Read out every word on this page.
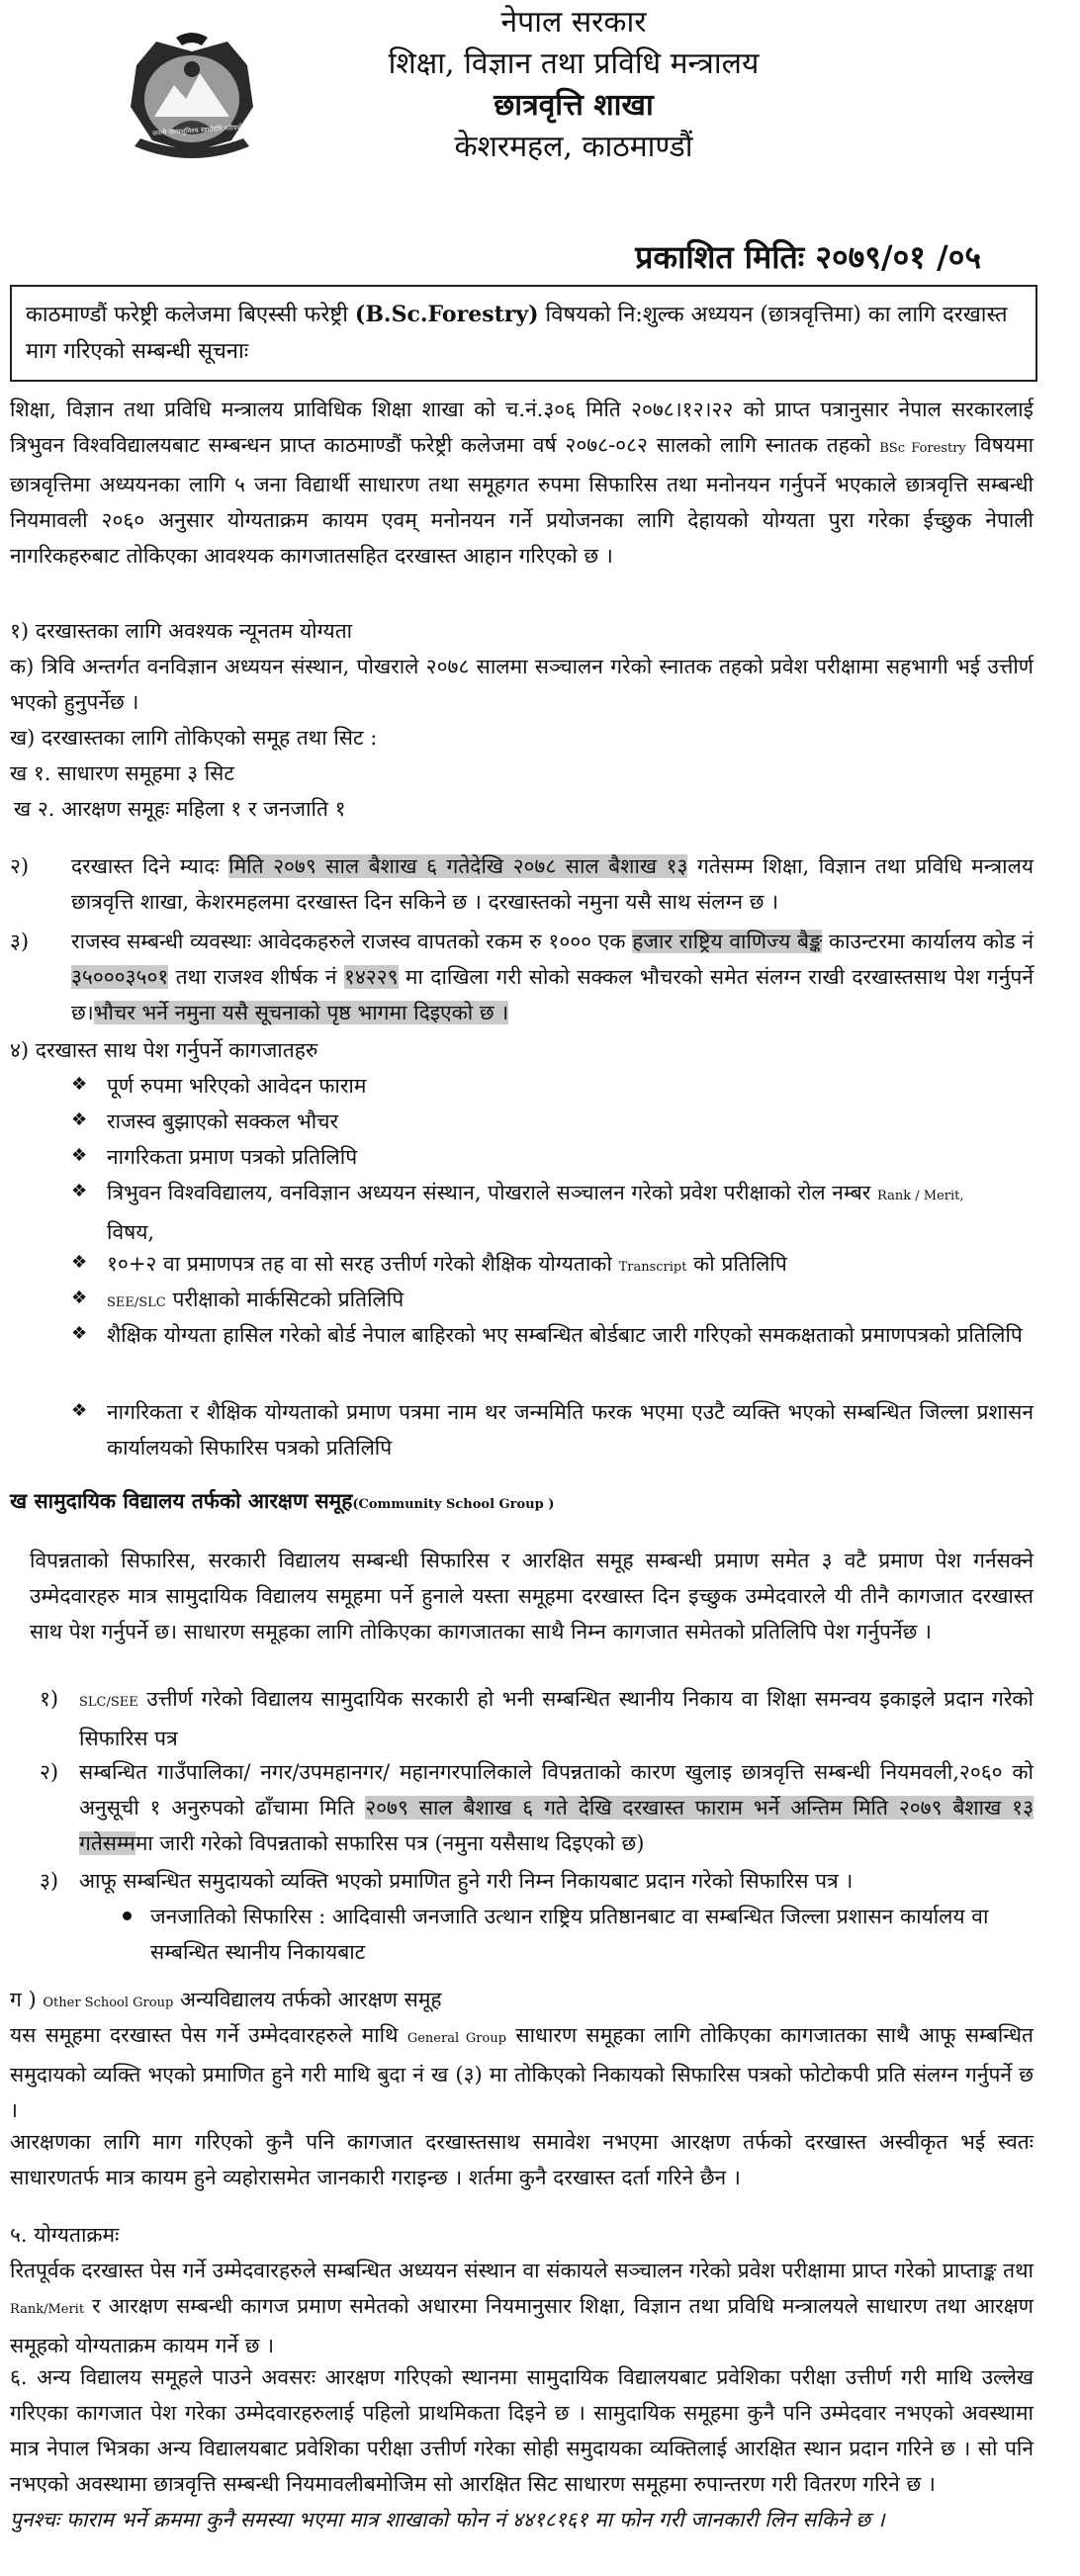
जननी जन्मभूमिश्च स्वर्गादपि गरीयसी
नेपाल सरकार
शिक्षा, विज्ञान तथा प्रविधि मन्त्रालय
छात्रवृत्ति शाखा
केशरमहल, काठमाण्डौं
प्रकाशित मितिः २०७९/०१ /०५

काठमाण्डौं फरेष्ट्री कलेजमा बिएस्सी फरेष्ट्री (B.Sc.Forestry) विषयको नि:शुल्क अध्ययन (छात्रवृत्तिमा) का लागि दरखास्त माग गरिएको सम्बन्धी सूचनाः

शिक्षा, विज्ञान तथा प्रविधि मन्त्रालय प्राविधिक शिक्षा शाखा को च.नं.३०६ मिति २०७८।१२।२२ को प्राप्त पत्रानुसार नेपाल सरकारलाई त्रिभुवन विश्वविद्यालयबाट सम्बन्धन प्राप्त काठमाण्डौं फरेष्ट्री कलेजमा वर्ष २०७८-०८२ सालको लागि स्नातक तहको BSc Forestry विषयमा छात्रवृत्तिमा अध्ययनका लागि ५ जना विद्यार्थी साधारण तथा समूहगत रुपमा सिफारिस तथा मनोनयन गर्नुपर्ने भएकाले छात्रवृत्ति सम्बन्धी नियमावली २०६० अनुसार योग्यताक्रम कायम एवम् मनोनयन गर्ने प्रयोजनका लागि देहायको योग्यता पुरा गरेका ईच्छुक नेपाली नागरिकहरुबाट तोकिएका आवश्यक कागजातसहित दरखास्त आहान गरिएको छ ।
१) दरखास्तका लागि अवश्यक न्यूनतम योग्यता
क) त्रिवि अन्तर्गत वनविज्ञान अध्ययन संस्थान, पोखराले २०७८ सालमा सञ्चालन गरेको स्नातक तहको प्रवेश परीक्षामा सहभागी भई उत्तीर्ण भएको हुनुपर्नेछ ।
ख) दरखास्तका लागि तोकिएको समूह तथा सिट :
ख १. साधारण समूहमा ३ सिट
ख २. आरक्षण समूहः महिला १ र जनजाति १
२) दरखास्त दिने म्यादः मिति २०७९ साल बैशाख ६ गतेदेखि २०७८ साल बैशाख १३ गतेसम्म शिक्षा, विज्ञान तथा प्रविधि मन्त्रालय छात्रवृत्ति शाखा, केशरमहलमा दरखास्त दिन सकिने छ । दरखास्तको नमुना यसै साथ संलग्न छ ।
३) राजस्व सम्बन्धी व्यवस्थाः आवेदकहरुले राजस्व वापतको रकम रु १००० एक हजार राष्ट्रिय वाणिज्य बैङ्क काउन्टरमा कार्यालय कोड नं ३५०००३५०१ तथा राजश्व शीर्षक नं १४२२९ मा दाखिला गरी सोको सक्कल भौचरको समेत संलग्न राखी दरखास्तसाथ पेश गर्नुपर्ने छ।भौचर भर्ने नमुना यसै सूचनाको पृष्ठ भागमा दिइएको छ ।
४) दरखास्त साथ पेश गर्नुपर्ने कागजातहरु
❖ पूर्ण रुपमा भरिएको आवेदन फाराम
❖ राजस्व बुझाएको सक्कल भौचर
❖ नागरिकता प्रमाण पत्रको प्रतिलिपि
❖ त्रिभुवन विश्वविद्यालय, वनविज्ञान अध्ययन संस्थान, पोखराले सञ्चालन गरेको प्रवेश परीक्षाको रोल नम्बर Rank / Merit,
विषय,
❖ १०+२ वा प्रमाणपत्र तह वा सो सरह उत्तीर्ण गरेको शैक्षिक योग्यताको Transcript को प्रतिलिपि
❖ SEE/SLC परीक्षाको मार्कसिटको प्रतिलिपि
❖ शैक्षिक योग्यता हासिल गरेको बोर्ड नेपाल बाहिरको भए सम्बन्धित बोर्डबाट जारी गरिएको समकक्षताको प्रमाणपत्रको प्रतिलिपि
❖ नागरिकता र शैक्षिक योग्यताको प्रमाण पत्रमा नाम थर जन्ममिति फरक भएमा एउटै व्यक्ति भएको सम्बन्धित जिल्ला प्रशासन कार्यालयको सिफारिस पत्रको प्रतिलिपि
ख सामुदायिक विद्यालय तर्फको आरक्षण समूह(Community School Group )
विपन्नताको सिफारिस, सरकारी विद्यालय सम्बन्धी सिफारिस र आरक्षित समूह सम्बन्धी प्रमाण समेत ३ वटै प्रमाण पेश गर्नसक्ने उम्मेदवारहरु मात्र सामुदायिक विद्यालय समूहमा पर्ने हुनाले यस्ता समूहमा दरखास्त दिन इच्छुक उम्मेदवारले यी तीनै कागजात दरखास्त साथ पेश गर्नुपर्ने छ। साधारण समूहका लागि तोकिएका कागजातका साथै निम्न कागजात समेतको प्रतिलिपि पेश गर्नुपर्नेछ ।
१) SLC/SEE उत्तीर्ण गरेको विद्यालय सामुदायिक सरकारी हो भनी सम्बन्धित स्थानीय निकाय वा शिक्षा समन्वय इकाइले प्रदान गरेको सिफारिस पत्र
२) सम्बन्धित गाउँपालिका/ नगर/उपमहानगर/ महानगरपालिकाले विपन्नताको कारण खुलाइ छात्रवृत्ति सम्बन्धी नियमवली,२०६० को अनुसूची १ अनुरुपको ढाँचामा मिति २०७९ साल बैशाख ६ गते देखि दरखास्त फाराम भर्ने अन्तिम मिति २०७९ बैशाख १३ गतेसम्ममा जारी गरेको विपन्नताको सफारिस पत्र (नमुना यसैसाथ दिइएको छ)
३) आफू सम्बन्धित समुदायको व्यक्ति भएको प्रमाणित हुने गरी निम्न निकायबाट प्रदान गरेको सिफारिस पत्र ।
जनजातिको सिफारिस : आदिवासी जनजाति उत्थान राष्ट्रिय प्रतिष्ठानबाट वा सम्बन्धित जिल्ला प्रशासन कार्यालय वा सम्बन्धित स्थानीय निकायबाट
ग ) Other School Group अन्यविद्यालय तर्फको आरक्षण समूह
यस समूहमा दरखास्त पेस गर्ने उम्मेदवारहरुले माथि General Group साधारण समूहका लागि तोकिएका कागजातका साथै आफू सम्बन्धित समुदायको व्यक्ति भएको प्रमाणित हुने गरी माथि बुदा नं ख (३) मा तोकिएको निकायको सिफारिस पत्रको फोटोकपी प्रति संलग्न गर्नुपर्ने छ ।
आरक्षणका लागि माग गरिएको कुनै पनि कागजात दरखास्तसाथ समावेश नभएमा आरक्षण तर्फको दरखास्त अस्वीकृत भई स्वतः साधारणतर्फ मात्र कायम हुने व्यहोरासमेत जानकारी गराइन्छ । शर्तमा कुनै दरखास्त दर्ता गरिने छैन ।
५. योग्यताक्रमः
रितपूर्वक दरखास्त पेस गर्ने उम्मेदवारहरुले सम्बन्धित अध्ययन संस्थान वा संकायले सञ्चालन गरेको प्रवेश परीक्षामा प्राप्त गरेको प्राप्ताङ्क तथा Rank/Merit र आरक्षण सम्बन्धी कागज प्रमाण समेतको अधारमा नियमानुसार शिक्षा, विज्ञान तथा प्रविधि मन्त्रालयले साधारण तथा आरक्षण समूहको योग्यताक्रम कायम गर्ने छ ।
६. अन्य विद्यालय समूहले पाउने अवसरः आरक्षण गरिएको स्थानमा सामुदायिक विद्यालयबाट प्रवेशिका परीक्षा उत्तीर्ण गरी माथि उल्लेख गरिएका कागजात पेश गरेका उम्मेदवारहरुलाई पहिलो प्राथमिकता दिइने छ । सामुदायिक समूहमा कुनै पनि उम्मेदवार नभएको अवस्थामा मात्र नेपाल भित्रका अन्य विद्यालयबाट प्रवेशिका परीक्षा उत्तीर्ण गरेका सोही समुदायका व्यक्तिलाई आरक्षित स्थान प्रदान गरिने छ । सो पनि नभएको अवस्थामा छात्रवृत्ति सम्बन्धी नियमावलीबमोजिम सो आरक्षित सिट साधारण समूहमा रुपान्तरण गरी वितरण गरिने छ ।
पुनश्चः फाराम भर्ने क्रममा कुनै समस्या भएमा मात्र शाखाको फोन नं ४४१८१६१ मा फोन गरी जानकारी लिन सकिने छ ।
